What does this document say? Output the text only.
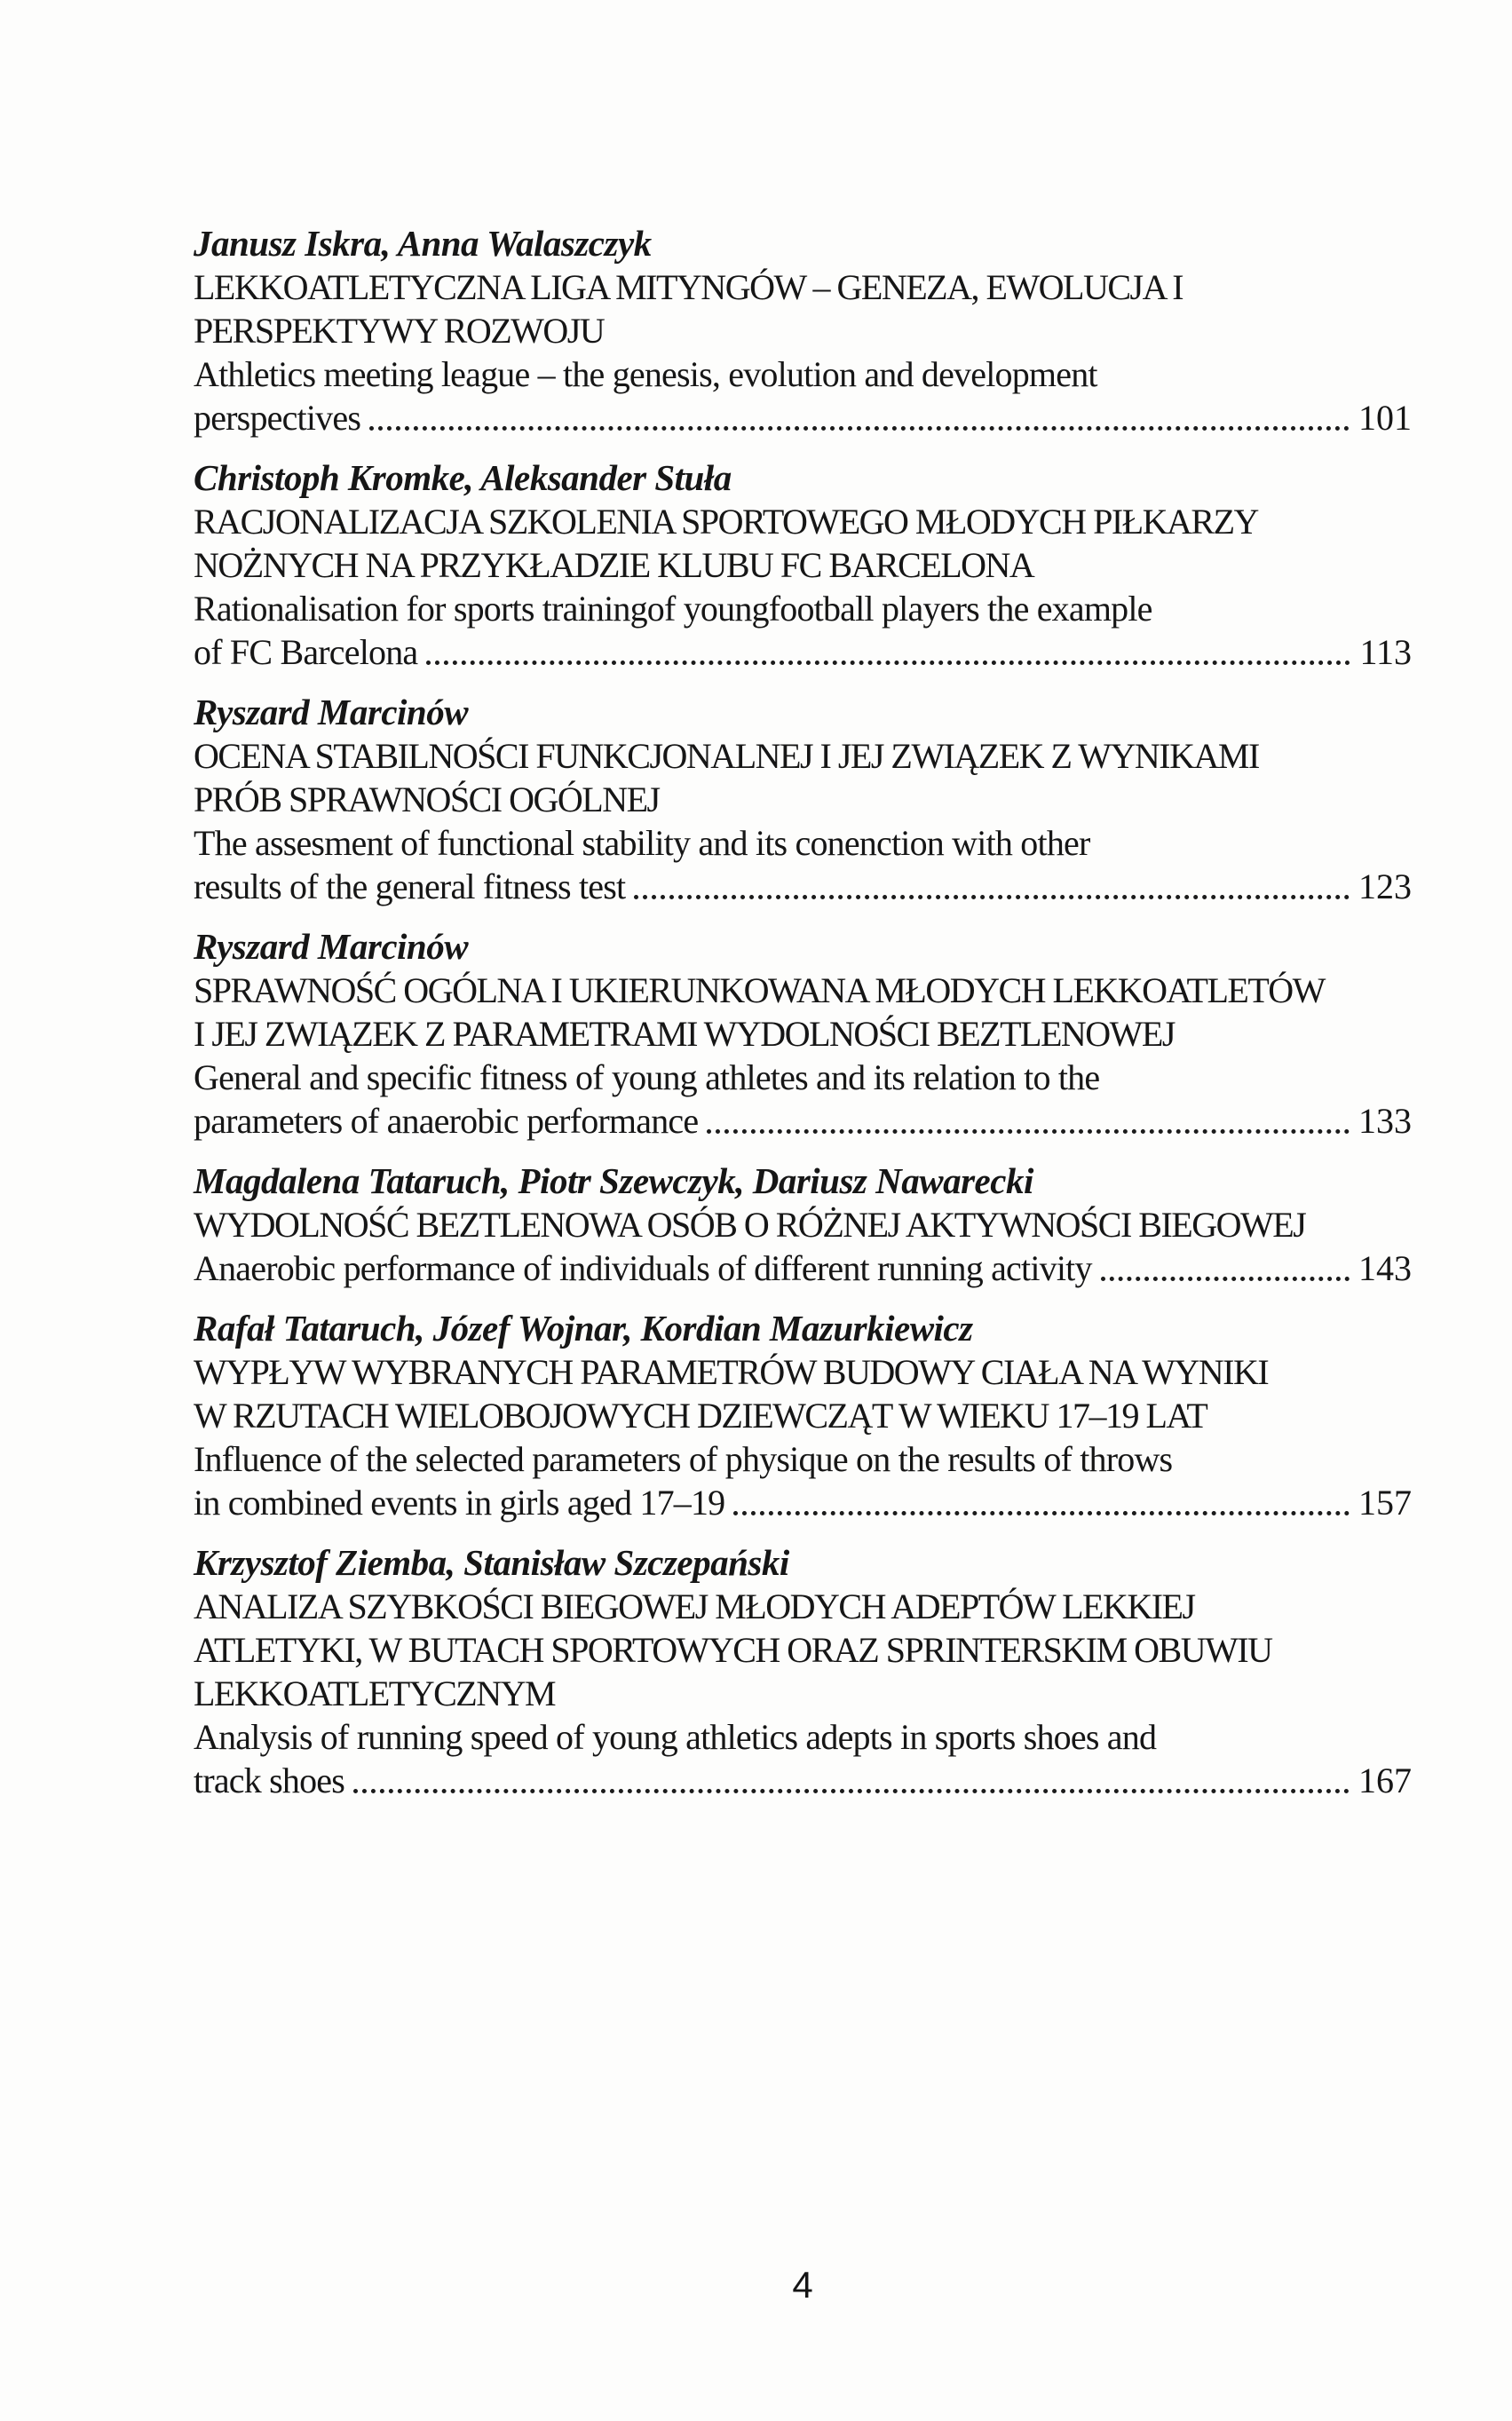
Janusz Iskra, Anna Walaszczyk
LEKKOATLETYCZNA LIGA MITYNGÓW – GENEZA, EWOLUCJA I
PERSPEKTYWY ROZWOJU
Athletics meeting league – the genesis, evolution and development
perspectives	101
Christoph Kromke, Aleksander Stuła
RACJONALIZACJA SZKOLENIA SPORTOWEGO MŁODYCH PIŁKARZY
NOŻNYCH NA PRZYKŁADZIE KLUBU FC BARCELONA
Rationalisation for sports trainingof youngfootball players the example
of FC Barcelona	113
Ryszard Marcinów
OCENA STABILNOŚCI FUNKCJONALNEJ I JEJ ZWIĄZEK Z WYNIKAMI
PRÓB SPRAWNOŚCI OGÓLNEJ
The assesment of functional stability and its conenction with other
results of the general fitness test	123
Ryszard Marcinów
SPRAWNOŚĆ OGÓLNA I UKIERUNKOWANA MŁODYCH LEKKOATLETÓW
I JEJ ZWIĄZEK Z PARAMETRAMI WYDOLNOŚCI BEZTLENOWEJ
General and specific fitness of young athletes and its relation to the
parameters of anaerobic performance	133
Magdalena Tataruch, Piotr Szewczyk, Dariusz Nawarecki
WYDOLNOŚĆ BEZTLENOWA OSÓB O RÓŻNEJ AKTYWNOŚCI BIEGOWEJ
Anaerobic performance of individuals of different running activity	143
Rafał Tataruch, Józef Wojnar, Kordian Mazurkiewicz
WYPŁYW WYBRANYCH PARAMETRÓW BUDOWY CIAŁA NA WYNIKI
W RZUTACH WIELOBOJOWYCH DZIEWCZĄT W WIEKU 17–19 LAT
Influence of the selected parameters of physique on the results of throws
in combined events in girls aged 17–19	157
Krzysztof Ziemba, Stanisław Szczepański
ANALIZA SZYBKOŚCI BIEGOWEJ MŁODYCH ADEPTÓW LEKKIEJ
ATLETYKI, W BUTACH SPORTOWYCH ORAZ SPRINTERSKIM OBUWIU
LEKKOATLETYCZNYM
Analysis of running speed of young athletics adepts in sports shoes and
track shoes	167
4
